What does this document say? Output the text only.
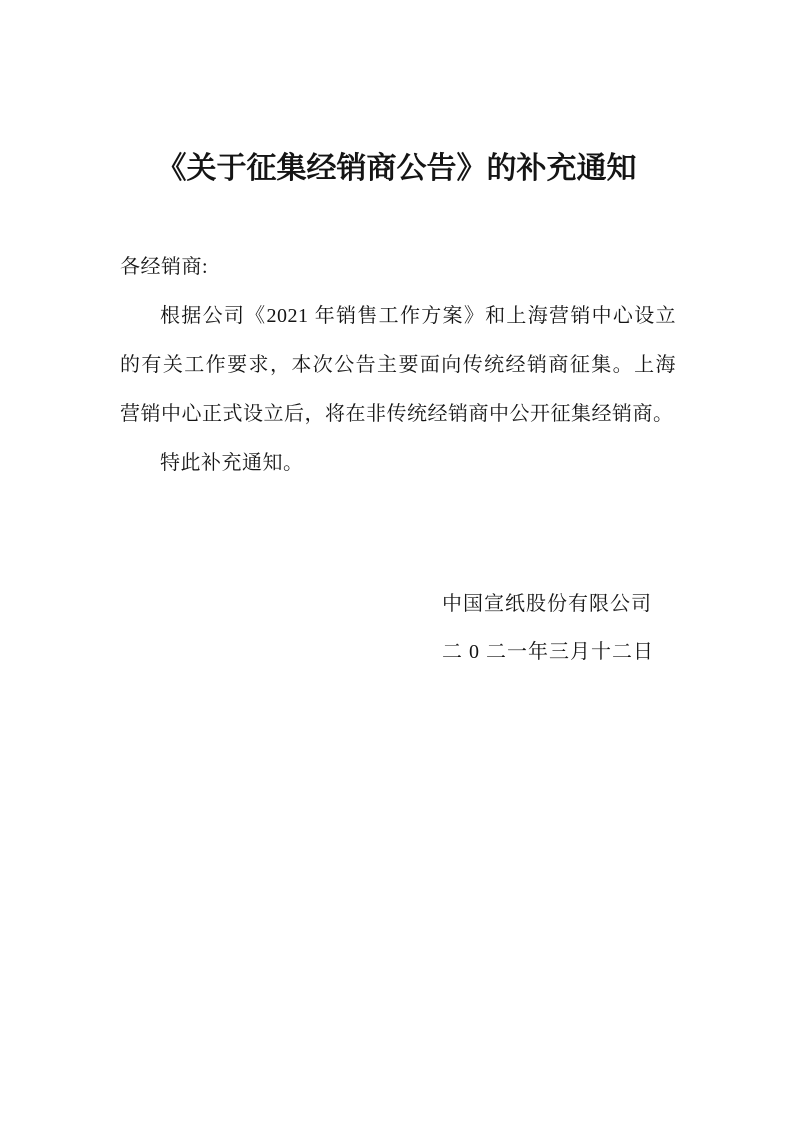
《关于征集经销商公告》的补充通知
各经销商:
根据公司《2021 年销售工作方案》和上海营销中心设立
的有关工作要求，本次公告主要面向传统经销商征集。上海
营销中心正式设立后，将在非传统经销商中公开征集经销商。
特此补充通知。
中国宣纸股份有限公司
二 0 二一年三月十二日
